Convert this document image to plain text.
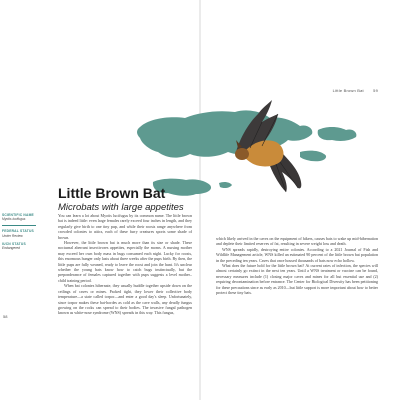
Little Brown Bat 59
Little Brown Bat

Microbats with large appetites

SCIENTIFIC NAME
Myotis lucifugus
FEDERAL STATUS
Under Review
IUCN STATUS
Endangered

You can learn a lot about Myotis lucifugus by its common name. The little brown bat is indeed little: even large females rarely exceed four inches in length, and they regularly give birth to one tiny pup, and while their roosts range anywhere from crowded colonies to attics, each of these furry creatures sports some shade of brown.

However, the little brown bat is much more than its size or shade. These nocturnal aberrant insectivores appetites, especially the moms. A nursing mother may exceed her own body mass in bugs consumed each night. Lucky for roosts, this enormous hunger only lasts about three weeks after the pups birth. By then, the little pups are fully weaned, ready to leave the roost and join the hunt. It's unclear whether the young bats know how to catch bugs instinctually, but the preponderance of females captured together with pups suggests a level mother–child training period.

When bat colonies hibernate, they usually huddle together upside down on the ceilings of caves or mines. Packed tight, they lower their collective body temperature—a state called torpor—and enter a good day's sleep. Unfortunately, since torpor makes these bat-hordes as cold as the cave walls, any deadly fungus growing on the rocks can spread to their bodies. The invasive fungal pathogen known as white-nose syndrome (WNS) spreads in this way. This fungus,

which likely arrived in the caves on the equipment of hikers, causes bats to wake up mid-hibernation and deplete their limited reserves of fat, resulting in severe weight loss and death.

WNS spreads rapidly, destroying entire colonies. According to a 2021 Journal of Fish and Wildlife Management article, WNS killed an estimated 90 percent of the little brown bat population in the preceding ten years. Caves that once housed thousands of bats now echo hollow.

What does the future hold for the little brown bat? At current rates of infection, the species will almost certainly go extinct in the next ten years. Until a WNS treatment or vaccine can be found, necessary measures include (1) closing major caves and mines for all but essential use and (2) requiring decontamination before entrance. The Center for Biological Diversity has been petitioning for these precautions since as early as 2010—but little support is more important about how to better protect these tiny bats.

58
